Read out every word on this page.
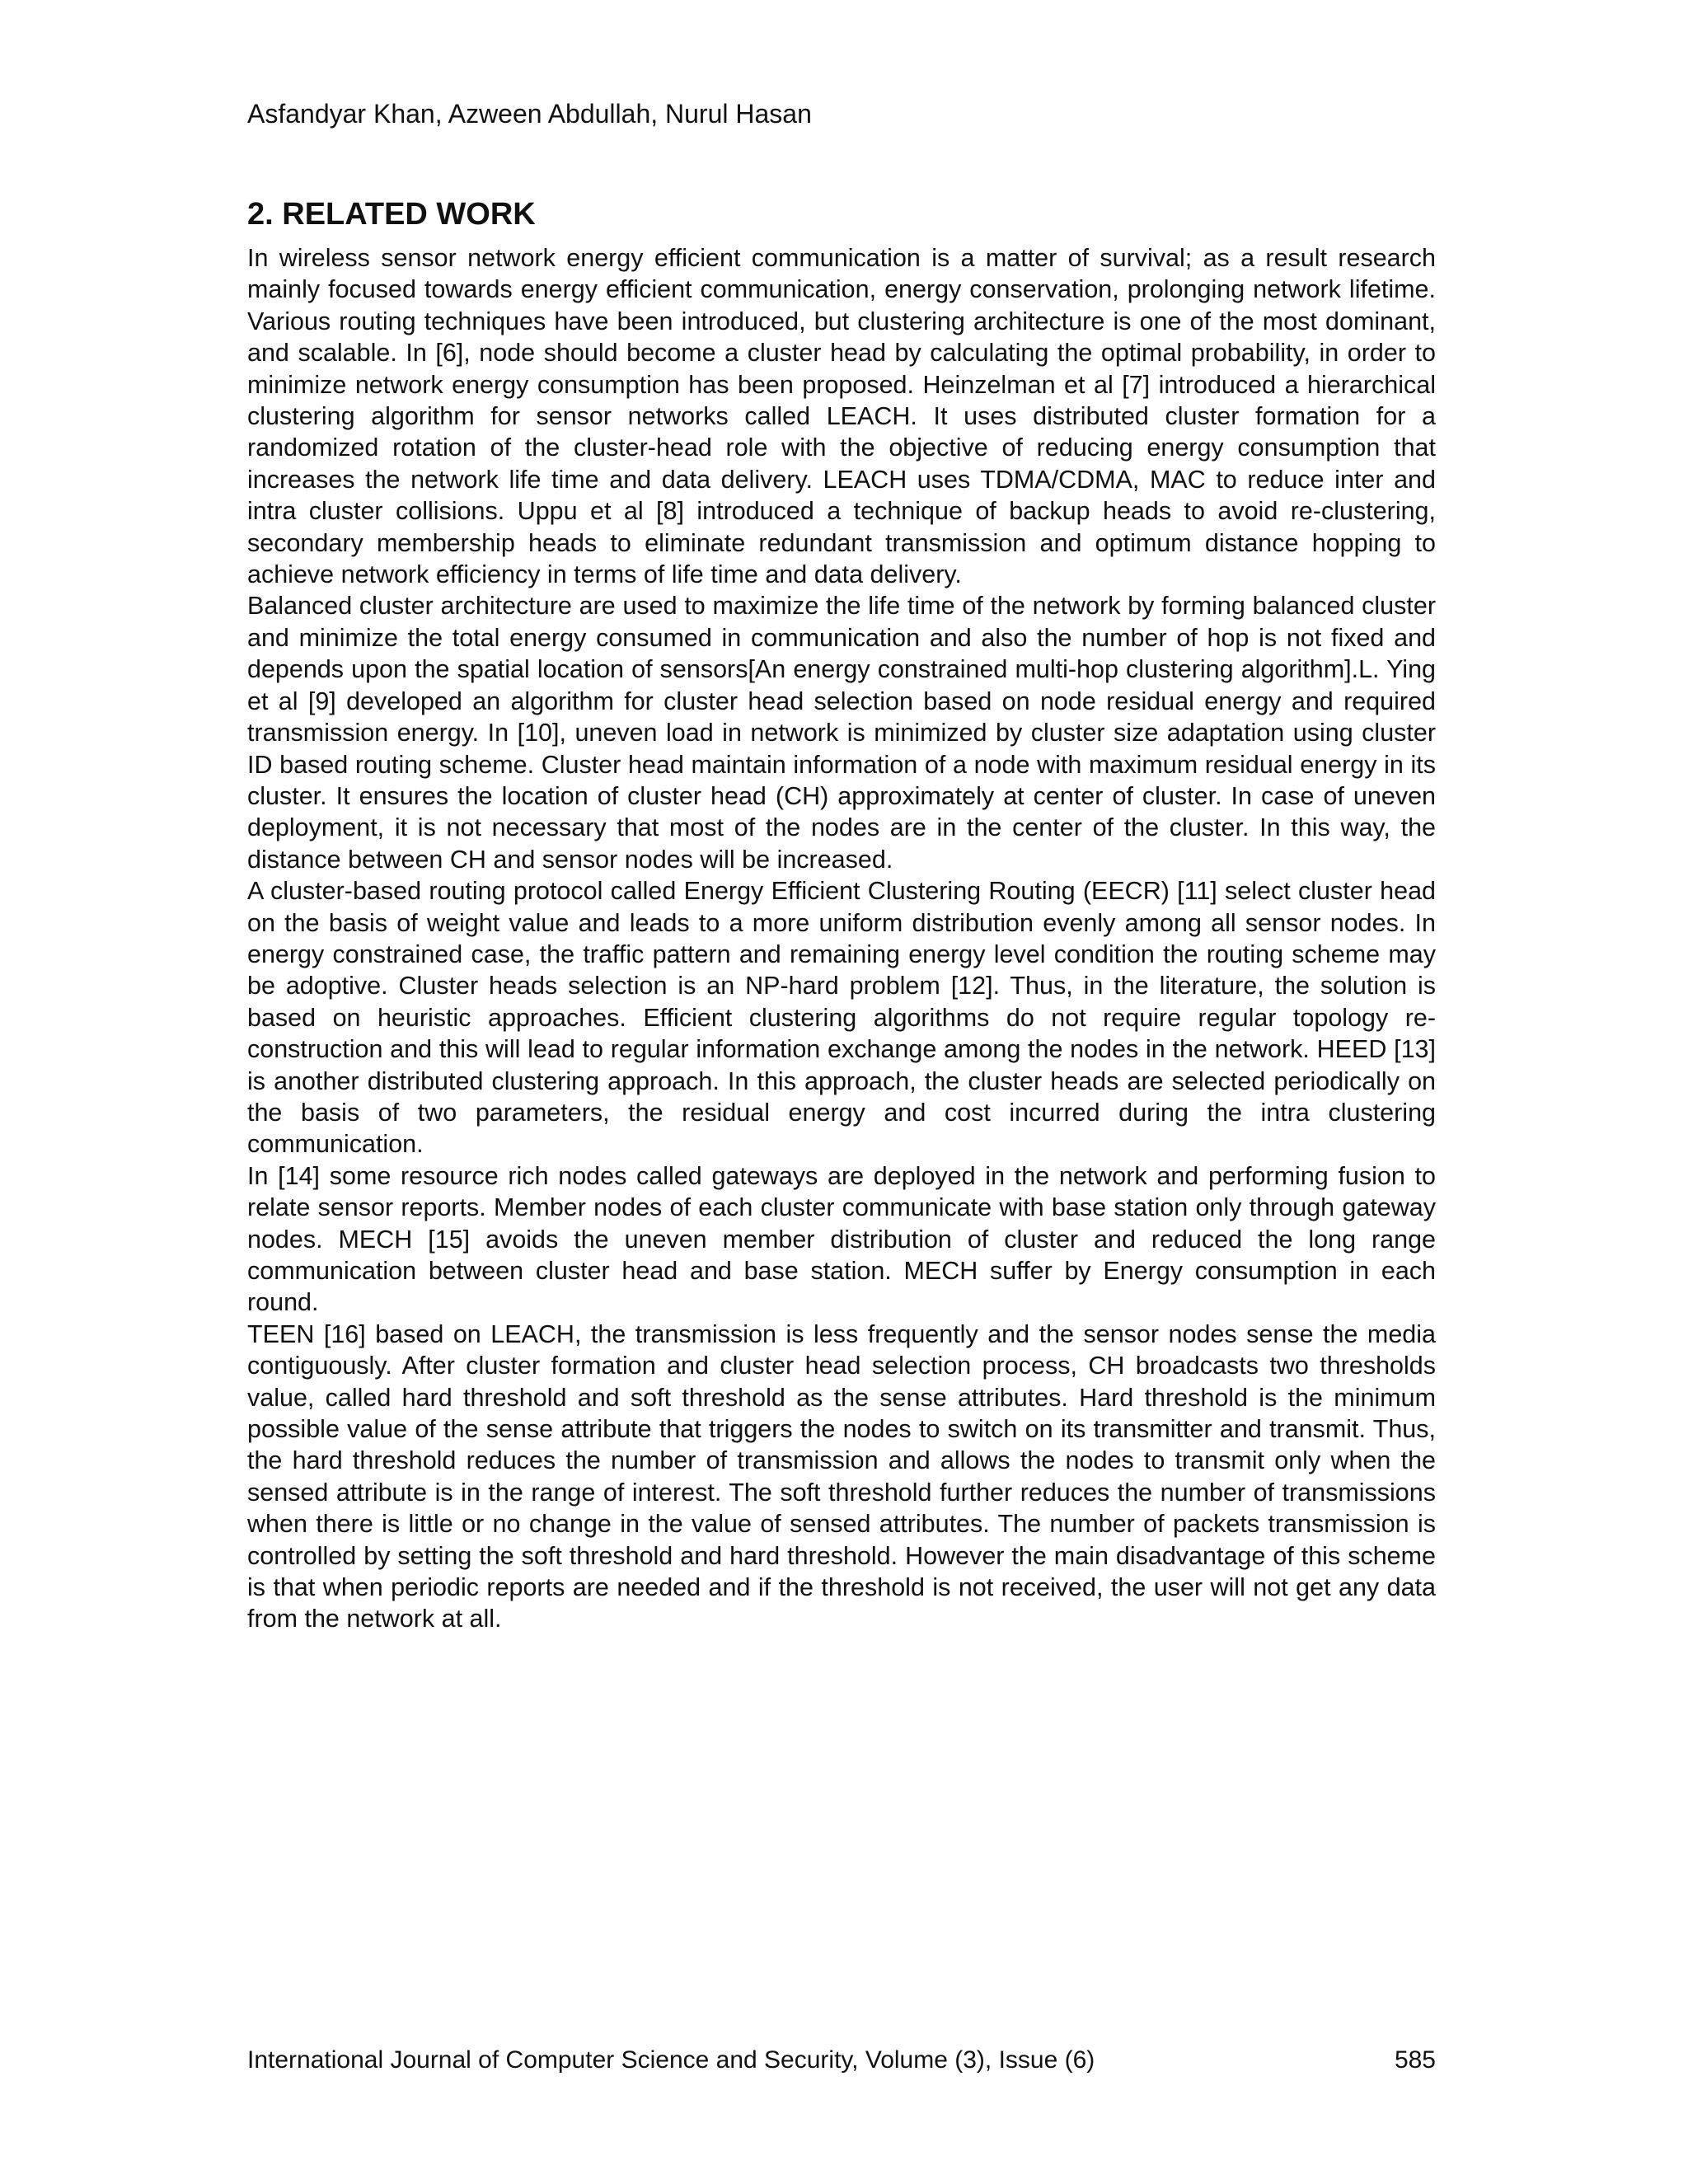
Asfandyar Khan, Azween Abdullah, Nurul Hasan
2. RELATED WORK

In wireless sensor network energy efficient communication is a matter of survival; as a result research mainly focused towards energy efficient communication, energy conservation, prolonging network lifetime. Various routing techniques have been introduced, but clustering architecture is one of the most dominant, and scalable. In [6], node should become a cluster head by calculating the optimal probability, in order to minimize network energy consumption has been proposed. Heinzelman et al [7] introduced a hierarchical clustering algorithm for sensor networks called LEACH. It uses distributed cluster formation for a randomized rotation of the cluster-head role with the objective of reducing energy consumption that increases the network life time and data delivery. LEACH uses TDMA/CDMA, MAC to reduce inter and intra cluster collisions. Uppu et al [8] introduced a technique of backup heads to avoid re-clustering, secondary membership heads to eliminate redundant transmission and optimum distance hopping to achieve network efficiency in terms of life time and data delivery.

Balanced cluster architecture are used to maximize the life time of the network by forming balanced cluster and minimize the total energy consumed in communication and also the number of hop is not fixed and depends upon the spatial location of sensors[An energy constrained multi-hop clustering algorithm].L. Ying et al [9] developed an algorithm for cluster head selection based on node residual energy and required transmission energy. In [10], uneven load in network is minimized by cluster size adaptation using cluster ID based routing scheme. Cluster head maintain information of a node with maximum residual energy in its cluster. It ensures the location of cluster head (CH) approximately at center of cluster. In case of uneven deployment, it is not necessary that most of the nodes are in the center of the cluster. In this way, the distance between CH and sensor nodes will be increased.

A cluster-based routing protocol called Energy Efficient Clustering Routing (EECR) [11] select cluster head on the basis of weight value and leads to a more uniform distribution evenly among all sensor nodes. In energy constrained case, the traffic pattern and remaining energy level condition the routing scheme may be adoptive. Cluster heads selection is an NP-hard problem [12]. Thus, in the literature, the solution is based on heuristic approaches. Efficient clustering algorithms do not require regular topology re-construction and this will lead to regular information exchange among the nodes in the network. HEED [13] is another distributed clustering approach. In this approach, the cluster heads are selected periodically on the basis of two parameters, the residual energy and cost incurred during the intra clustering communication.

In [14] some resource rich nodes called gateways are deployed in the network and performing fusion to relate sensor reports. Member nodes of each cluster communicate with base station only through gateway nodes. MECH [15] avoids the uneven member distribution of cluster and reduced the long range communication between cluster head and base station. MECH suffer by Energy consumption in each round.

TEEN [16] based on LEACH, the transmission is less frequently and the sensor nodes sense the media contiguously. After cluster formation and cluster head selection process, CH broadcasts two thresholds value, called hard threshold and soft threshold as the sense attributes. Hard threshold is the minimum possible value of the sense attribute that triggers the nodes to switch on its transmitter and transmit. Thus, the hard threshold reduces the number of transmission and allows the nodes to transmit only when the sensed attribute is in the range of interest. The soft threshold further reduces the number of transmissions when there is little or no change in the value of sensed attributes. The number of packets transmission is controlled by setting the soft threshold and hard threshold. However the main disadvantage of this scheme is that when periodic reports are needed and if the threshold is not received, the user will not get any data from the network at all.

International Journal of Computer Science and Security, Volume (3), Issue (6)	585
